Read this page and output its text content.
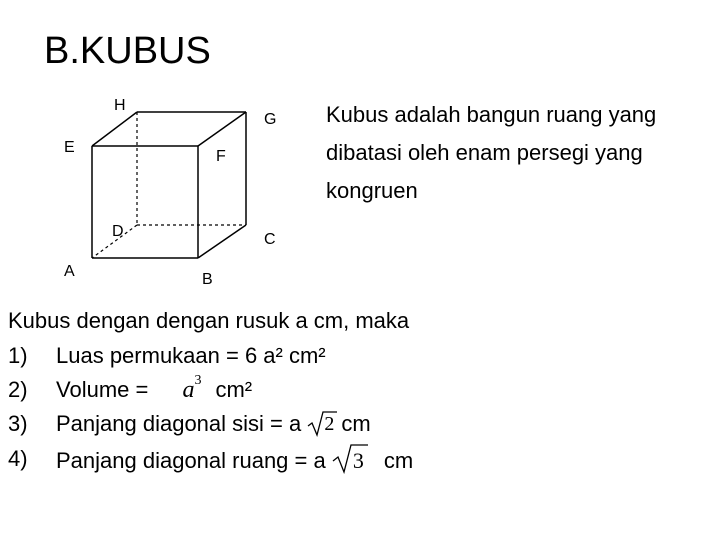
B.KUBUS
H
G
E
F
D	C
A	B
Kubus adalah bangun ruang yang
dibatasi oleh enam persegi yang
kongruen
Kubus dengan dengan rusuk a cm, maka
1) Luas permukaan = 6 a² cm²
2) Volume = $a^3$ cm²
3) Panjang diagonal sisi = a 2 cm
4) Panjang diagonal ruang = a 3 cm
